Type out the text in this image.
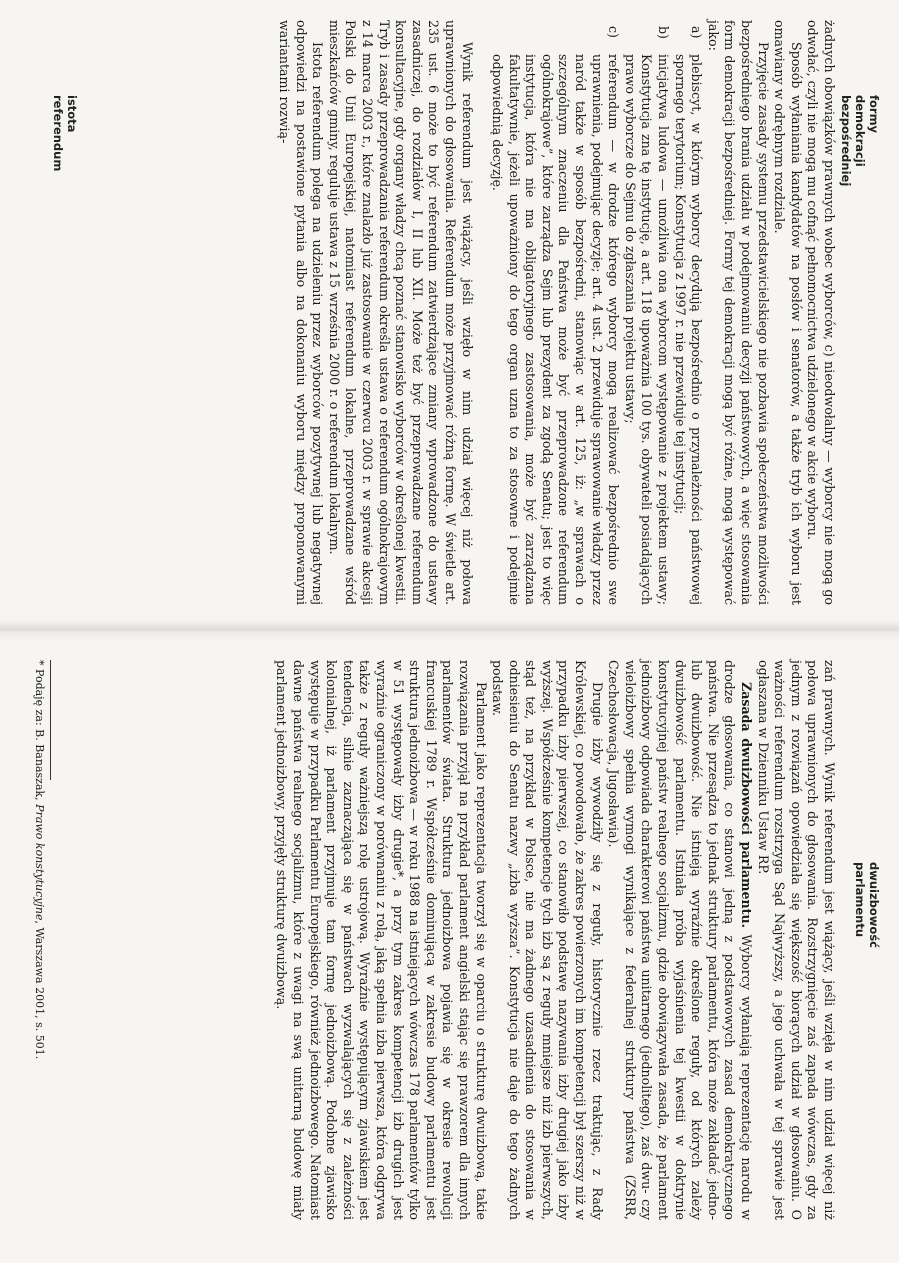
formy
demokracji
bezpośredniej
istota
referendum
dwuizbowość
parlamentu

żadnych obowiązków prawnych wobec wyborców, c) nieodwołalny — wyborcy nie mogą go odwołać, czyli nie mogą mu cofnąć pełnomocnictwa udzielonego w akcie wyboru.

Sposób wyłaniania kandydatów na posłów i senatorów, a także tryb ich wyboru jest omawiany w odrębnym rozdziale.

Przyjęcie zasady systemu przedstawicielskiego nie pozbawia społeczeństwa możliwości bezpośredniego brania udziału w podejmowaniu decyzji państwowych, a więc stosowania form demokracji bezpośredniej. Formy tej demokracji mogą być różne, mogą występować jako:

a)
plebiscyt, w którym wyborcy decydują bezpośrednio o przynależności państwowej spornego terytorium; Konstytucja z 1997 r. nie przewiduje tej instytucji;

b)
inicjatywa ludowa — umożliwia ona wyborcom występowanie z projektem ustawy; Konstytucja zna tę instytucję, a art. 118 upoważnia 100 tys. obywateli posiadających prawo wyborcze do Sejmu do zgłaszania projektu ustawy;

c)
referendum — w drodze którego wyborcy mogą realizować bezpośrednio swe uprawnienia, podejmując decyzje; art. 4 ust. 2 przewiduje sprawowanie władzy przez naród także w sposób bezpośredni, stanowiąc w art. 125, iż: „w sprawach o szczególnym znaczeniu dla Państwa może być przeprowadzone referendum ogólnokrajowe”, które zarządza Sejm lub prezydent za zgodą Senatu; jest to więc instytucja, która nie ma obligatoryjnego zastosowania, może być zarządzana fakultatywnie, jeżeli upoważniony do tego organ uzna to za stosowne i podejmie odpowiednią decyzję.

Wynik referendum jest wiążący, jeśli wzięło w nim udział więcej niż połowa uprawnionych do głosowania. Referendum może przyjmować różną formę. W świetle art. 235 ust. 6 może to być referendum zatwierdzające zmiany wprowadzone do ustawy zasadniczej, do rozdziałów I, II lub XII. Może też być przeprowadzane referendum konsultacyjne, gdy organy władzy chcą poznać stanowisko wyborców w określonej kwestii. Tryb i zasady przeprowadzania referendum określa ustawa o referendum ogólnokrajowym z 14 marca 2003 r., które znalazło już zastosowanie w czerwcu 2003 r. w sprawie akcesji Polski do Unii Europejskiej, natomiast referendum lokalne, przeprowadzane wśród mieszkańców gminy, reguluje ustawa z 15 września 2000 r. o referendum lokalnym.

Istota referendum polega na udzieleniu przez wyborców pozytywnej lub negatywnej odpowiedzi na postawione pytania albo na dokonaniu wyboru między proponowanymi wariantami rozwią-

zań prawnych. Wynik referendum jest wiążący, jeśli wzięła w nim udział więcej niż połowa uprawnionych do głosowania. Rozstrzygnięcie zaś zapada wówczas, gdy za jednym z rozwiązań opowiedziała się większość biorących udział w głosowaniu. O ważności referendum rozstrzyga Sąd Najwyższy, a jego uchwała w tej sprawie jest ogłaszana w Dzienniku Ustaw RP.

Zasada dwuizbowości parlamentu. Wyborcy wyłaniają reprezentację narodu w drodze głosowania, co stanowi jedną z podstawowych zasad demokratycznego państwa. Nie przesądza to jednak struktury parlamentu, która może zakładać jedno- lub dwuizbowość. Nie istnieją wyraźnie określone reguły, od których zależy dwuizbowość parlamentu. Istniała próba wyjaśnienia tej kwestii w doktrynie konstytucyjnej państw realnego socjalizmu, gdzie obowiązywała zasada, że parlament jednoizbowy odpowiada charakterowi państwa unitarnego (jednolitego), zaś dwu- czy wieloizbowy spełnia wymogi wynikające z federalnej struktury państwa (ZSRR, Czechosłowacja, Jugosławia).

Drugie izby wywodziły się z reguły, historycznie rzecz traktując, z Rady Królewskiej, co powodowało, że zakres powierzonych im kompetencji był szerszy niż w przypadku izby pierwszej, co stanowiło podstawę nazywania izby drugiej jako izby wyższej. Współcześnie kompetencje tych izb są z reguły mniejsze niż izb pierwszych, stąd też, na przykład w Polsce, nie ma żadnego uzasadnienia do stosowania w odniesieniu do Senatu nazwy „izba wyższa”. Konstytucja nie daje do tego żadnych podstaw.

Parlament jako reprezentacja tworzył się w oparciu o strukturę dwuizbową, takie rozwiązania przyjął na przykład parlament angielski stając się prawzorem dla innych parlamentów świata. Struktura jednoizbowa pojawia się w okresie rewolucji francuskiej 1789 r. Współcześnie dominującą w zakresie budowy parlamentu jest struktura jednoizbowa — w roku 1988 na istniejących wówczas 178 parlamentów tylko w 51 występowały izby drugie*, a przy tym zakres kompetencji izb drugich jest wyraźnie ograniczony w porównaniu z rolą, jaką spełnia izba pierwsza, która odgrywa także z reguły ważniejszą rolę ustrojową. Wyraźnie występującym zjawiskiem jest tendencja, silnie zaznaczająca się w państwach wyzwalających się z zależności kolonialnej, iż parlament przyjmuje tam formę jednoizbową. Podobne zjawisko występuje w przypadku Parlamentu Europejskiego, również jednoizbowego. Natomiast dawne państwa realnego socjalizmu, które z uwagi na swą unitarną budowę miały parlament jednoizbowy, przyjęły strukturę dwuizbową.

* Podaję za: B. Banaszak, Prawo konstytucyjne, Warszawa 2001, s. 501.
